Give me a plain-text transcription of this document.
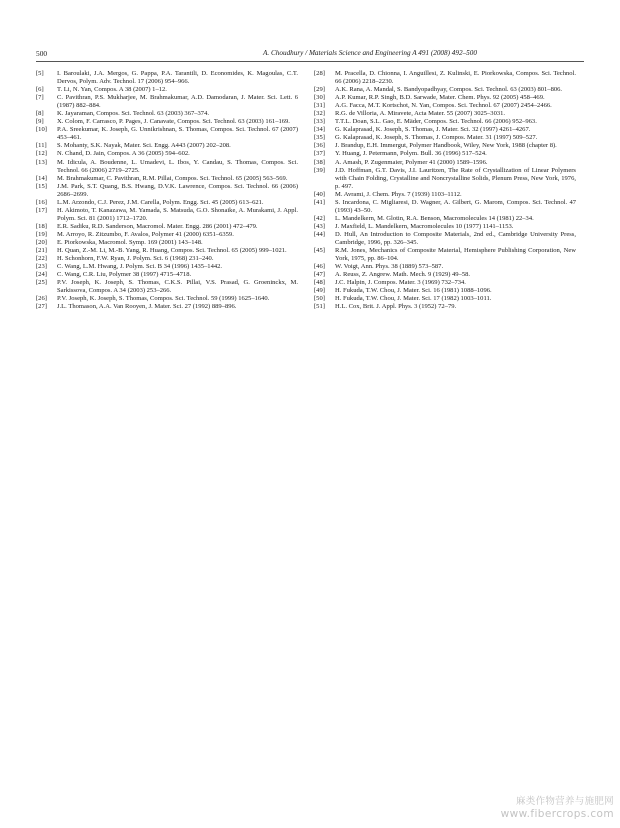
500	A. Choudhury / Materials Science and Engineering A 491 (2008) 492–500
[5]	I. Baroulaki, J.A. Mergos, G. Pappa, P.A. Tarantili, D. Economides, K. Magoulas, C.T. Dervos, Polym. Adv. Technol. 17 (2006) 954–966.
[6]	T. Li, N. Yan, Compos. A 38 (2007) 1–12.
[7]	C. Pavithran, P.S. Mukharjee, M. Brahmakumar, A.D. Damodaran, J. Mater. Sci. Lett. 6 (1987) 882–884.
[8]	K. Jayaraman, Compos. Sci. Technol. 63 (2003) 367–374.
[9]	X. Colom, F. Carrasco, P. Pages, J. Canavate, Compos. Sci. Technol. 63 (2003) 161–169.
[10]	P.A. Sreekumar, K. Joseph, G. Unnikrishnan, S. Thomas, Compos. Sci. Technol. 67 (2007) 453–461.
[11]	S. Mohanty, S.K. Nayak, Mater. Sci. Engg. A443 (2007) 202–208.
[12]	N. Chand, D. Jain, Compos. A 36 (2005) 594–602.
[13]	M. Idicula, A. Boudenne, L. Umadevi, L. Ibos, Y. Candau, S. Thomas, Compos. Sci. Technol. 66 (2006) 2719–2725.
[14]	M. Brahmakumar, C. Pavithran, R.M. Pillai, Compos. Sci. Technol. 65 (2005) 563–569.
[15]	J.M. Park, S.T. Quang, B.S. Hwang, D.V.K. Lawrence, Compos. Sci. Technol. 66 (2006) 2686–2699.
[16]	L.M. Arzondo, C.J. Perez, J.M. Carella, Polym. Engg. Sci. 45 (2005) 613–621.
[17]	H. Akimoto, T. Kanazawa, M. Yamada, S. Matsuda, G.O. Shonaike, A. Murakami, J. Appl. Polym. Sci. 81 (2001) 1712–1720.
[18]	E.R. Sadiku, R.D. Sanderson, Macromol. Mater. Engg. 286 (2001) 472–479.
[19]	M. Arroyo, R. Zitzumbo, F. Avalos, Polymer 41 (2000) 6351–6359.
[20]	E. Piorkowska, Macromol. Symp. 169 (2001) 143–148.
[21]	H. Quan, Z.-M. Li, M.-B. Yang, R. Huang, Compos. Sci. Technol. 65 (2005) 999–1021.
[22]	H. Schonhorn, F.W. Ryan, J. Polym. Sci. 6 (1968) 231–240.
[23]	C. Wang, L.M. Hwang, J. Polym. Sci. B 34 (1996) 1435–1442.
[24]	C. Wang, C.R. Liu, Polymer 38 (1997) 4715–4718.
[25]	P.V. Joseph, K. Joseph, S. Thomas, C.K.S. Pillai, V.S. Prasad, G. Groeninckx, M. Sarkissova, Compos. A 34 (2003) 253–266.
[26]	P.V. Joseph, K. Joseph, S. Thomas, Compos. Sci. Technol. 59 (1999) 1625–1640.
[27]	J.L. Thomason, A.A. Van Rooyen, J. Mater. Sci. 27 (1992) 889–896.
[28]	M. Pracella, D. Chionna, I. Anguillesi, Z. Kulinski, E. Piorkowska, Compos. Sci. Technol. 66 (2006) 2218–2230.
[29]	A.K. Rana, A. Mandal, S. Bandyopadhyay, Compos. Sci. Technol. 63 (2003) 801–806.
[30]	A.P. Kumar, R.P. Singh, B.D. Sarwade, Mater. Chem. Phys. 92 (2005) 458–469.
[31]	A.G. Facca, M.T. Kortschot, N. Yan, Compos. Sci. Technol. 67 (2007) 2454–2466.
[32]	R.G. de Villoria, A. Miravete, Acta Mater. 55 (2007) 3025–3031.
[33]	T.T.L. Doan, S.L. Gao, E. Mäder, Compos. Sci. Technol. 66 (2006) 952–963.
[34]	G. Kalaprasad, K. Joseph, S. Thomas, J. Mater. Sci. 32 (1997) 4261–4267.
[35]	G. Kalaprasad, K. Joseph, S. Thomas, J. Compos. Mater. 31 (1997) 509–527.
[36]	J. Brandup, E.H. Immergut, Polymer Handbook, Wiley, New York, 1988 (chapter 8).
[37]	Y. Huang, J. Petermann, Polym. Bull. 36 (1996) 517–524.
[38]	A. Amash, P. Zugenmaier, Polymer 41 (2000) 1589–1596.
[39]	J.D. Hoffman, G.T. Davis, J.I. Lauritzen, The Rate of Crystallization of Linear Polymers with Chain Folding, Crystalline and Noncrystalline Solids, Plenum Press, New York, 1976, p. 497.
[40]	M. Avrami, J. Chem. Phys. 7 (1939) 1103–1112.
[41]	S. Incardona, C. Migliaresi, D. Wagner, A. Gilbert, G. Marom, Compos. Sci. Technol. 47 (1993) 43–50.
[42]	L. Mandelkern, M. Glotin, R.A. Benson, Macromolecules 14 (1981) 22–34.
[43]	J. Maxfield, L. Mandelkern, Macromolecules 10 (1977) 1141–1153.
[44]	D. Hull, An Introduction to Composite Materials, 2nd ed., Cambridge University Press, Cambridge, 1996, pp. 326–345.
[45]	R.M. Jones, Mechanics of Composite Material, Hemisphere Publishing Corporation, New York, 1975, pp. 86–104.
[46]	W. Voigt, Ann. Phys. 38 (1889) 573–587.
[47]	A. Reuss, Z. Angrew. Math. Mech. 9 (1929) 49–58.
[48]	J.C. Halpin, J. Compos. Mater. 3 (1969) 732–734.
[49]	H. Fukuda, T.W. Chou, J. Mater. Sci. 16 (1981) 1088–1096.
[50]	H. Fukuda, T.W. Chou, J. Mater. Sci. 17 (1982) 1003–1011.
[51]	H.L. Cox, Brit. J. Appl. Phys. 3 (1952) 72–79.
麻类作物营养与施肥网
www.fibercrops.com
